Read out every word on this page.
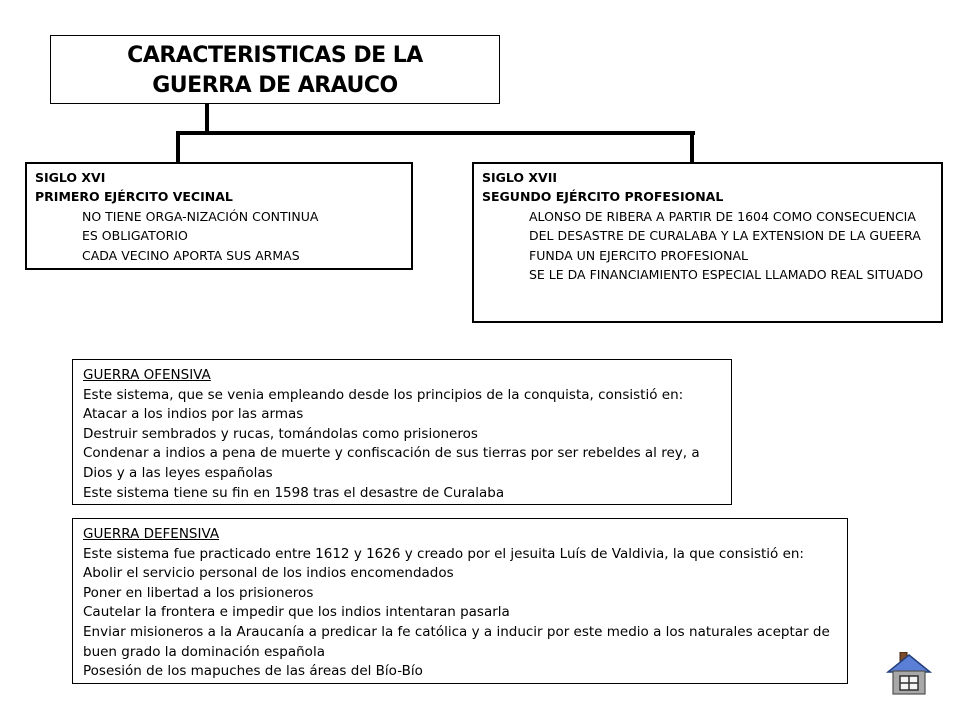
CARACTERISTICAS DE LA GUERRA DE ARAUCO
SIGLO XVI
PRIMERO EJÉRCITO VECINAL
NO TIENE ORGA-NIZACIÓN CONTINUA
ES OBLIGATORIO
CADA VECINO APORTA SUS ARMAS
SIGLO XVII
SEGUNDO EJÉRCITO PROFESIONAL
ALONSO DE RIBERA A PARTIR DE 1604 COMO CONSECUENCIA DEL DESASTRE DE CURALABA Y LA EXTENSION DE LA GUEERA FUNDA UN EJERCITO PROFESIONAL
SE LE DA FINANCIAMIENTO ESPECIAL LLAMADO REAL SITUADO

GUERRA OFENSIVA

Este sistema, que se venia empleando desde los principios de la conquista, consistió en:

Atacar a los indios por las armas

Destruir sembrados y rucas, tomándolas como prisioneros

Condenar a indios a pena de muerte y confiscación de sus tierras por ser rebeldes al rey, a Dios y a las leyes españolas

Este sistema tiene su fin en 1598 tras el desastre de Curalaba

GUERRA DEFENSIVA

Este sistema fue practicado entre 1612 y 1626 y creado por el jesuita Luís de Valdivia, la que consistió en:

Abolir el servicio personal de los indios encomendados

Poner en libertad a los prisioneros

Cautelar la frontera e impedir que los indios intentaran pasarla

Enviar misioneros a la Araucanía a predicar la fe católica y a inducir por este medio a los naturales aceptar de buen grado la dominación española

Posesión de los mapuches de las áreas del Bío-Bío
